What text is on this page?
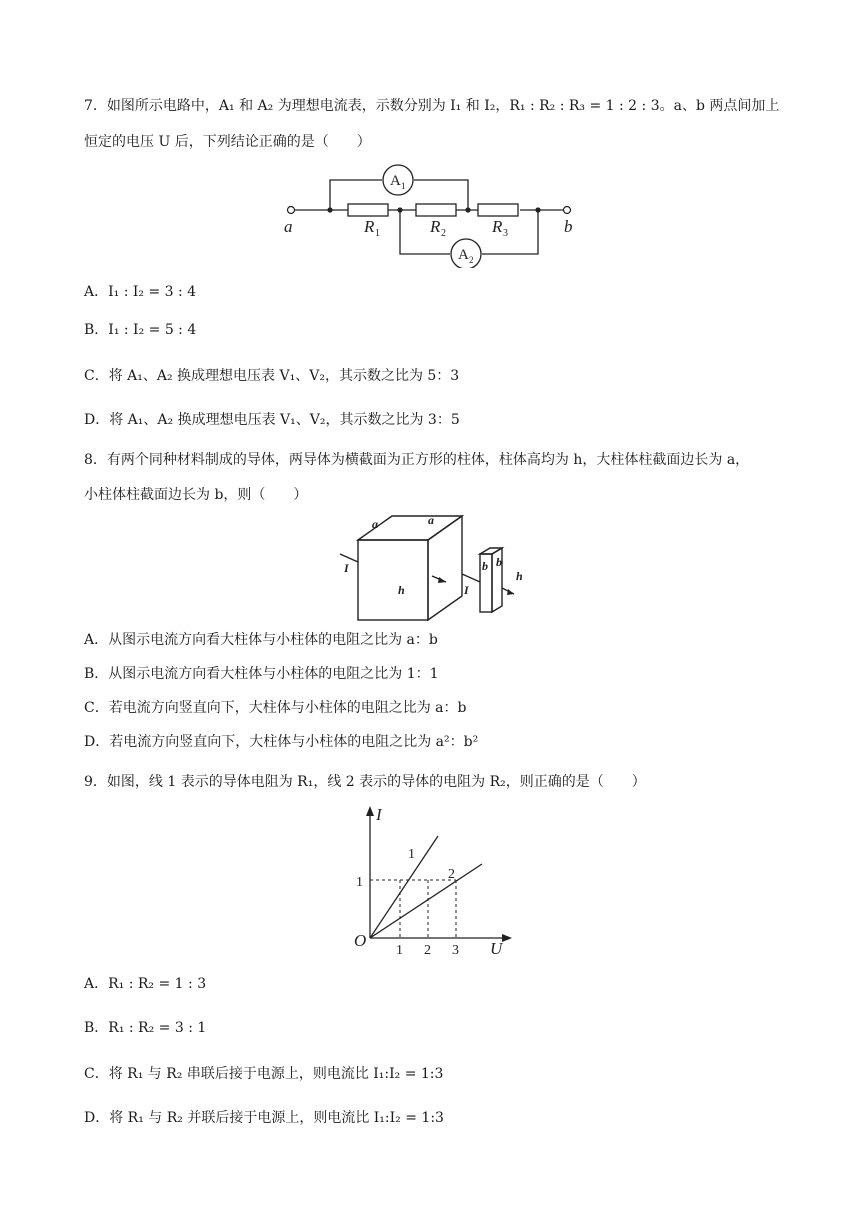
7．如图所示电路中，A₁ 和 A₂ 为理想电流表，示数分别为 I₁ 和 I₂，R₁ : R₂ : R₃ = 1 : 2 : 3。a、b 两点间加上
恒定的电压 U 后，下列结论正确的是（　　）
a	b
R	R	R
1	2	3
A
A
1
2
A．I₁ : I₂ = 3 : 4
B．I₁ : I₂ = 5 : 4
C．将 A₁、A₂ 换成理想电压表 V₁、V₂，其示数之比为 5：3
D．将 A₁、A₂ 换成理想电压表 V₁、V₂，其示数之比为 3：5
8．有两个同种材料制成的导体，两导体为横截面为正方形的柱体，柱体高均为 h，大柱体柱截面边长为 a，
小柱体柱截面边长为 b，则（　　）
a	a
h
I	b b
h
I
A．从图示电流方向看大柱体与小柱体的电阻之比为 a：b
B．从图示电流方向看大柱体与小柱体的电阻之比为 1：1
C．若电流方向竖直向下，大柱体与小柱体的电阻之比为 a：b
D．若电流方向竖直向下，大柱体与小柱体的电阻之比为 a²：b²
9．如图，线 1 表示的导体电阻为 R₁，线 2 表示的导体的电阻为 R₂，则正确的是（　　）
I
U
O
1 2 3
1
1
2
A．R₁ : R₂ = 1 : 3
B．R₁ : R₂ = 3 : 1
C．将 R₁ 与 R₂ 串联后接于电源上，则电流比 I₁:I₂ = 1:3
D．将 R₁ 与 R₂ 并联后接于电源上，则电流比 I₁:I₂ = 1:3
